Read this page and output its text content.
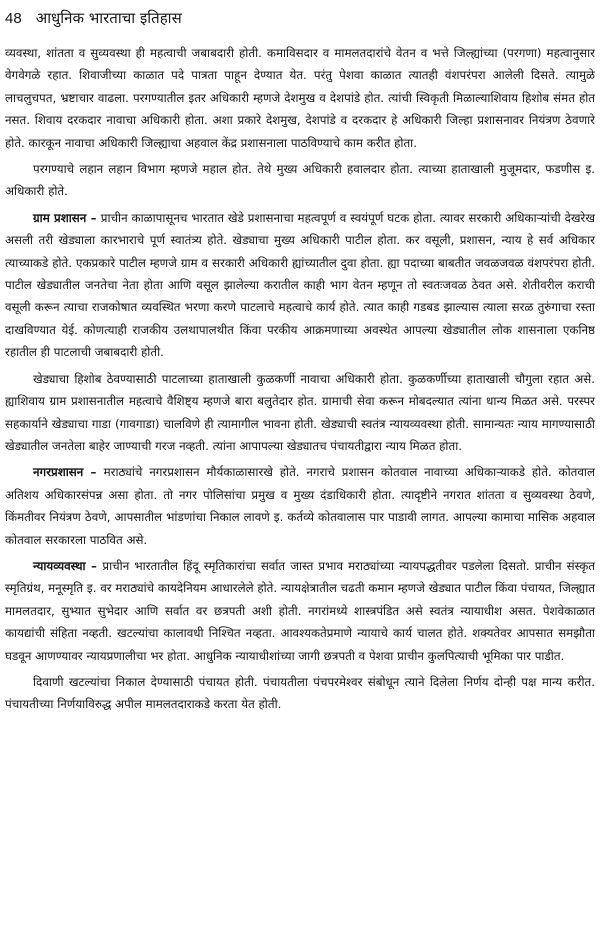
48 आधुनिक भारताचा इतिहास

व्यवस्था, शांतता व सुव्यवस्था ही महत्वाची जबाबदारी होती. कमाविसदार व मामलतदारांचे वेतन व भत्ते जिल्ह्यांच्या (परगणा) महत्वानुसार वेगवेगळे रहात. शिवाजीच्या काळात पदे पात्रता पाहून देण्यात येत. परंतु पेशवा काळात त्यातही वंशपरंपरा आलेली दिसते. त्यामुळे लाचलुचपत, भ्रष्टाचार वाढला. परगण्यातील इतर अधिकारी म्हणजे देशमुख व देशपांडे होत. त्यांची स्विकृती मिळाल्याशिवाय हिशोब संमत होत नसत. शिवाय दरकदार नावाचा अधिकारी होता. अशा प्रकारे देशमुख, देशपांडे व दरकदार हे अधिकारी जिल्हा प्रशासनावर नियंत्रण ठेवणारे होते. कारकून नावाचा अधिकारी जिल्ह्याचा अहवाल केंद्र प्रशासनाला पाठविण्याचे काम करीत होता.

परगण्याचे लहान लहान विभाग म्हणजे महाल होत. तेथे मुख्य अधिकारी हवालदार होता. त्याच्या हाताखाली मुजूमदार, फडणीस इ. अधिकारी होते.

ग्राम प्रशासन – प्राचीन काळापासूनच भारतात खेडे प्रशासनाचा महत्वपूर्ण व स्वयंपूर्ण घटक होता. त्यावर सरकारी अधिकाऱ्यांची देखरेख असली तरी खेड्याला कारभाराचे पूर्ण स्वातंत्र्य होते. खेड्याचा मुख्य अधिकारी पाटील होता. कर वसूली, प्रशासन, न्याय हे सर्व अधिकार त्याच्याकडे होते. एकप्रकारे पाटील म्हणजे ग्राम व सरकारी अधिकारी ह्यांच्यातील दुवा होता. ह्या पदाच्या बाबतीत जवळजवळ वंशपरंपरा होती. पाटील खेड्यातील जनतेचा नेता होता आणि वसूल झालेल्या करातील काही भाग वेतन म्हणून तो स्वतःजवळ ठेवत असे. शेतीवरील कराची वसूली करून त्याचा राजकोषात व्यवस्थित भरणा करणे पाटलाचे महत्वाचे कार्य होते. त्यात काही गडबड झाल्यास त्याला सरळ तुरुंगाचा रस्ता दाखविण्यात येई. कोणत्याही राजकीय उलथापालथीत किंवा परकीय आक्रमणाच्या अवस्थेत आपल्या खेड्यातील लोक शासनाला एकनिष्ठ रहातील ही पाटलाची जबाबदारी होती.

खेड्याचा हिशोब ठेवण्यासाठी पाटलाच्या हाताखाली कुळकर्णी नावाचा अधिकारी होता. कुळकर्णीच्या हाताखाली चौगुला रहात असे. ह्याशिवाय ग्राम प्रशासनातील महत्वाचे वैशिष्ट्य म्हणजे बारा बलुतेदार होत. ग्रामाची सेवा करून मोबदल्यात त्यांना धान्य मिळत असे. परस्पर सहकार्याने खेड्याचा गाडा (गावगाडा) चालविणे ही त्यामागील भावना होती. खेड्याची स्वतंत्र न्यायव्यवस्था होती. सामान्यतः न्याय मागण्यासाठी खेड्यातील जनतेला बाहेर जाण्याची गरज नव्हती. त्यांना आपापल्या खेड्यातच पंचायतीद्वारा न्याय मिळत होता.

नगरप्रशासन – मराठ्यांचे नगरप्रशासन मौर्यकाळासारखे होते. नगराचे प्रशासन कोतवाल नावाच्या अधिकाऱ्याकडे होते. कोतवाल अतिशय अधिकारसंपन्न असा होता. तो नगर पोलिसांचा प्रमुख व मुख्य दंडाधिकारी होता. त्यादृष्टीने नगरात शांतता व सुव्यवस्था ठेवणे, किंमतीवर नियंत्रण ठेवणे, आपसातील भांडणांचा निकाल लावणे इ. कर्तव्ये कोतवालास पार पाडावी लागत. आपल्या कामाचा मासिक अहवाल कोतवाल सरकारला पाठवित असे.

न्यायव्यवस्था – प्राचीन भारतातील हिंदू स्मृतिकारांचा सर्वात जास्त प्रभाव मराठ्यांच्या न्यायपद्धतीवर पडलेला दिसतो. प्राचीन संस्कृत स्मृतिग्रंथ, मनूस्मृति इ. वर मराठ्यांचे कायदेनियम आधारलेले होते. न्यायक्षेत्रातील चढती कमान म्हणजे खेड्यात पाटील किंवा पंचायत, जिल्ह्यात मामलतदार, सुभ्यात सुभेदार आणि सर्वात वर छत्रपती अशी होती. नगरांमध्ये शास्त्रपंडित असे स्वतंत्र न्यायाधीश असत. पेशवेकाळात कायद्यांची संहिता नव्हती. खटल्यांचा कालावधी निश्चित नव्हता. आवश्यकतेप्रमाणे न्यायाचे कार्य चालत होते. शक्यतेवर आपसात समझौता घडवून आणण्यावर न्यायप्रणालीचा भर होता. आधुनिक न्यायाधीशांच्या जागी छत्रपती व पेशवा प्राचीन कुलपित्याची भूमिका पार पाडीत.

दिवाणी खटल्यांचा निकाल देण्यासाठी पंचायत होती. पंचायतीला पंचपरमेश्वर संबोधून त्याने दिलेला निर्णय दोन्ही पक्ष मान्य करीत. पंचायतीच्या निर्णयाविरुद्ध अपील मामलतदाराकडे करता येत होती.
